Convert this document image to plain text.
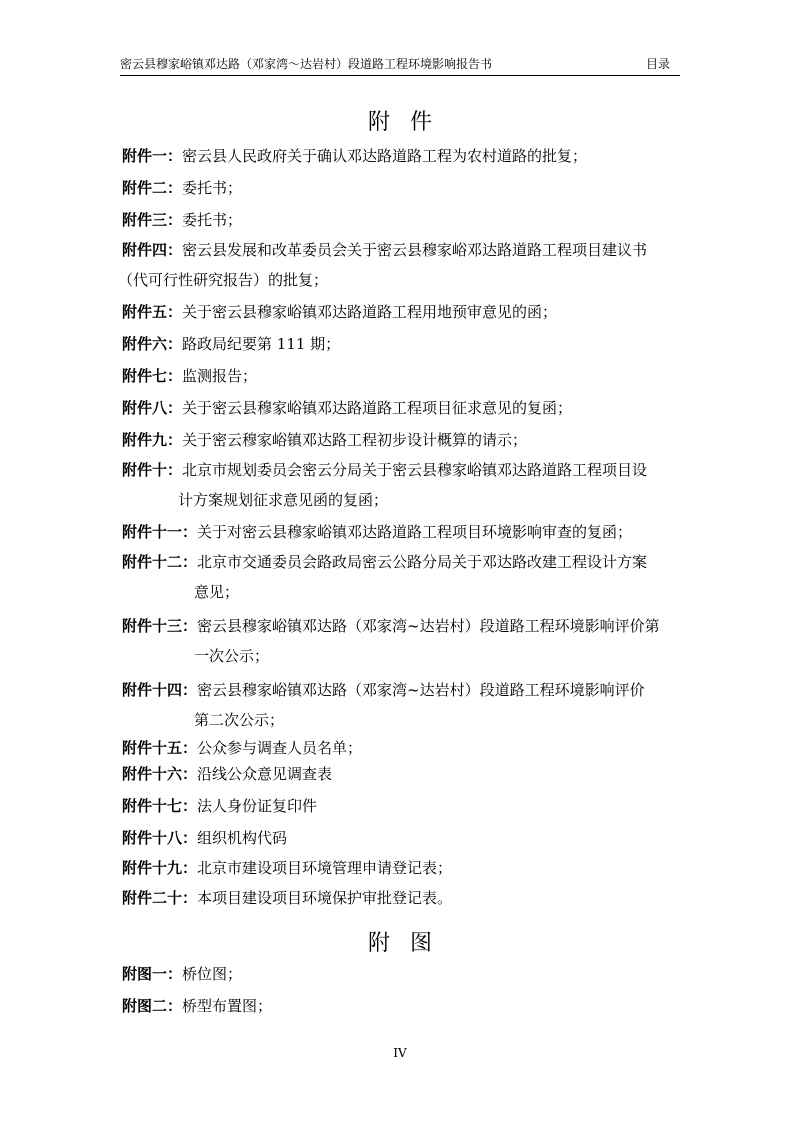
密云县穆家峪镇邓达路（邓家湾～达岩村）段道路工程环境影响报告书	目录
附件
附件一：密云县人民政府关于确认邓达路道路工程为农村道路的批复；
附件二：委托书；
附件三：委托书；
附件四：密云县发展和改革委员会关于密云县穆家峪邓达路道路工程项目建议书
（代可行性研究报告）的批复；
附件五：关于密云县穆家峪镇邓达路道路工程用地预审意见的函；
附件六：路政局纪要第 111 期；
附件七：监测报告；
附件八：关于密云县穆家峪镇邓达路道路工程项目征求意见的复函；
附件九：关于密云穆家峪镇邓达路工程初步设计概算的请示；
附件十：北京市规划委员会密云分局关于密云县穆家峪镇邓达路道路工程项目设
计方案规划征求意见函的复函；
附件十一：关于对密云县穆家峪镇邓达路道路工程项目环境影响审查的复函；
附件十二：北京市交通委员会路政局密云公路分局关于邓达路改建工程设计方案
意见；
附件十三：密云县穆家峪镇邓达路（邓家湾~达岩村）段道路工程环境影响评价第
一次公示；
附件十四：密云县穆家峪镇邓达路（邓家湾~达岩村）段道路工程环境影响评价
第二次公示；
附件十五：公众参与调查人员名单；
附件十六：沿线公众意见调查表
附件十七：法人身份证复印件
附件十八：组织机构代码
附件十九：北京市建设项目环境管理申请登记表；
附件二十：本项目建设项目环境保护审批登记表。
附图
附图一：桥位图；
附图二：桥型布置图；
IV
